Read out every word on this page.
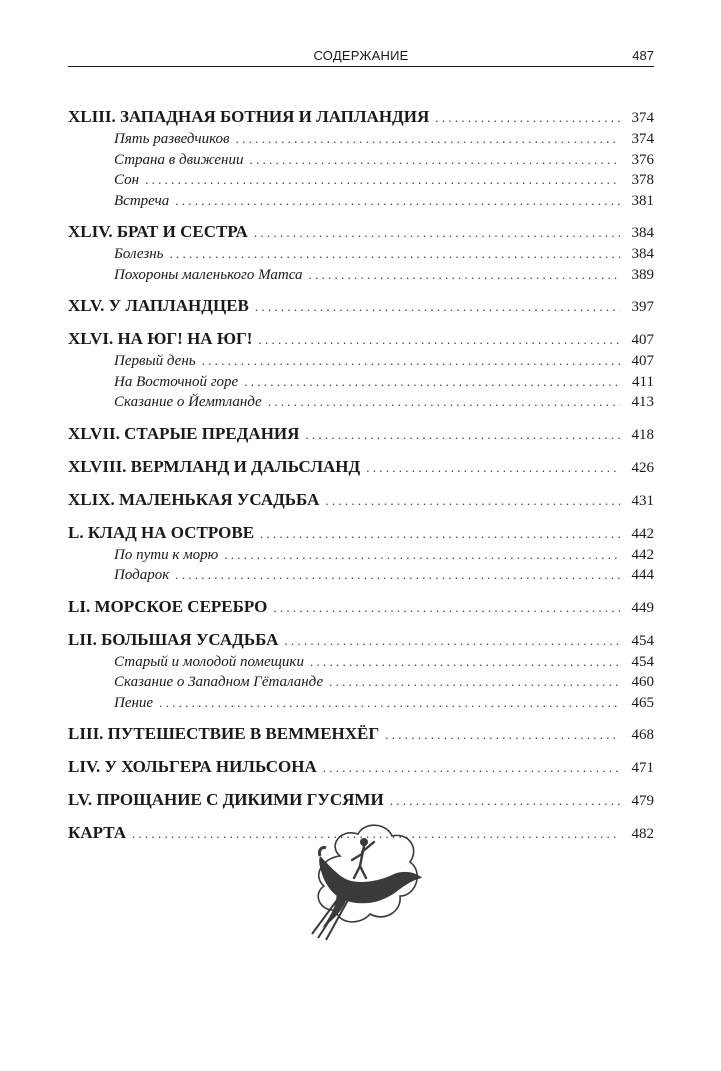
СОДЕРЖАНИЕ	487
XLIII. ЗАПАДНАЯ БОТНИЯ И ЛАПЛАНДИЯ . . .	374
Пять разведчиков . . .	374
Страна в движении . . .	376
Сон . . .	378
Встреча . . .	381
XLIV. БРАТ И СЕСТРА . . .	384
Болезнь . . .	384
Похороны маленького Матса . . .	389
XLV. У ЛАПЛАНДЦЕВ . . .	397
XLVI. НА ЮГ! НА ЮГ! . . .	407
Первый день . . .	407
На Восточной горе . . .	411
Сказание о Йемтланде . . .	413
XLVII. СТАРЫЕ ПРЕДАНИЯ . . .	418
XLVIII. ВЕРМЛАНД И ДАЛЬСЛАНД . . .	426
XLIX. МАЛЕНЬКАЯ УСАДЬБА . . .	431
L. КЛАД НА ОСТРОВЕ . . .	442
По пути к морю . . .	442
Подарок . . .	444
LI. МОРСКОЕ СЕРЕБРО . . .	449
LII. БОЛЬШАЯ УСАДЬБА . . .	454
Старый и молодой помещики . . .	454
Сказание о Западном Гёталанде . . .	460
Пение . . .	465
LIII. ПУТЕШЕСТВИЕ В ВЕММЕНХЁГ . . .	468
LIV. У ХОЛЬГЕРА НИЛЬСОНА . . .	471
LV. ПРОЩАНИЕ С ДИКИМИ ГУСЯМИ . . .	479
КАРТА . . .	482
